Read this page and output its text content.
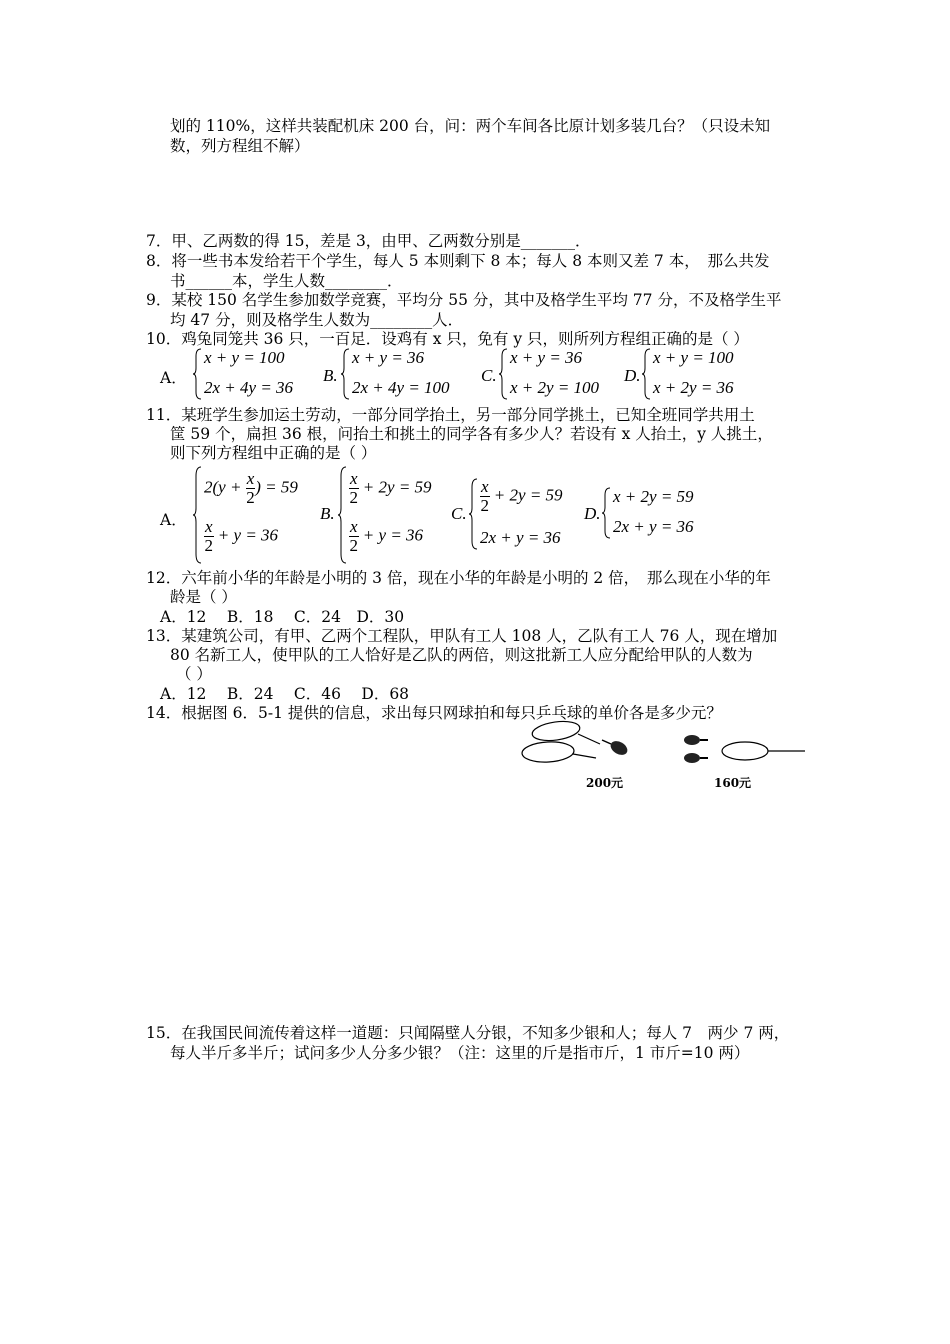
划的 110%，这样共装配机床 200 台，问：两个车间各比原计划多装几台？（只设未知
数，列方程组不解）
7．甲、乙两数的得 15，差是 3，由甲、乙两数分别是_______．
8．将一些书本发给若干个学生，每人 5 本则剩下 8 本；每人 8 本则又差 7 本，　那么共发
书______本，学生人数________．
9．某校 150 名学生参加数学竞赛，平均分 55 分，其中及格学生平均 77 分，不及格学生平
均 47 分，则及格学生人数为________人．
10．鸡兔同笼共 36 只，一百足．设鸡有 x 只，免有 y 只，则所列方程组正确的是（ ）
A．
x + y = 100
2x + 4y = 36
B.
x + y = 36
2x + 4y = 100
C.
x + y = 36
x + 2y = 100
D.
x + y = 100
x + 2y = 36
11．某班学生参加运土劳动，一部分同学抬土，另一部分同学挑土，已知全班同学共用土
筐 59 个，扁担 36 根，问抬土和挑土的同学各有多少人？若设有 x 人抬土，y 人挑土，
则下列方程组中正确的是（ ）
A．
$2(y + \frac{x}{2}$ ) = 59
$\frac{x}{2} + y = 36$
B.
$\frac{x}{2} + 2y = 59$
$\frac{x}{2} + y = 36$
C. $\frac{x}{2} + 2y = 59$
2x + y = 36
D.
x + 2y = 59
2x + y = 36
12．六年前小华的年龄是小明的 3 倍，现在小华的年龄是小明的 2 倍，　那么现在小华的年
龄是（ ）
A．12　 B．18　 C．24　D．30
13．某建筑公司，有甲、乙两个工程队，甲队有工人 108 人，乙队有工人 76 人，现在增加
80 名新工人，使甲队的工人恰好是乙队的两倍，则这批新工人应分配给甲队的人数为
（ ）
A．12　 B．24　 C．46　 D．68
14．根据图 6．5-1 提供的信息，求出每只网球拍和每只乒乓球的单价各是多少元？
200元	160元
15．在我国民间流传着这样一道题：只闻隔壁人分银，不知多少银和人；每人 7　两少 7 两，
每人半斤多半斤；试问多少人分多少银？（注：这里的斤是指市斤，1 市斤=10 两）
